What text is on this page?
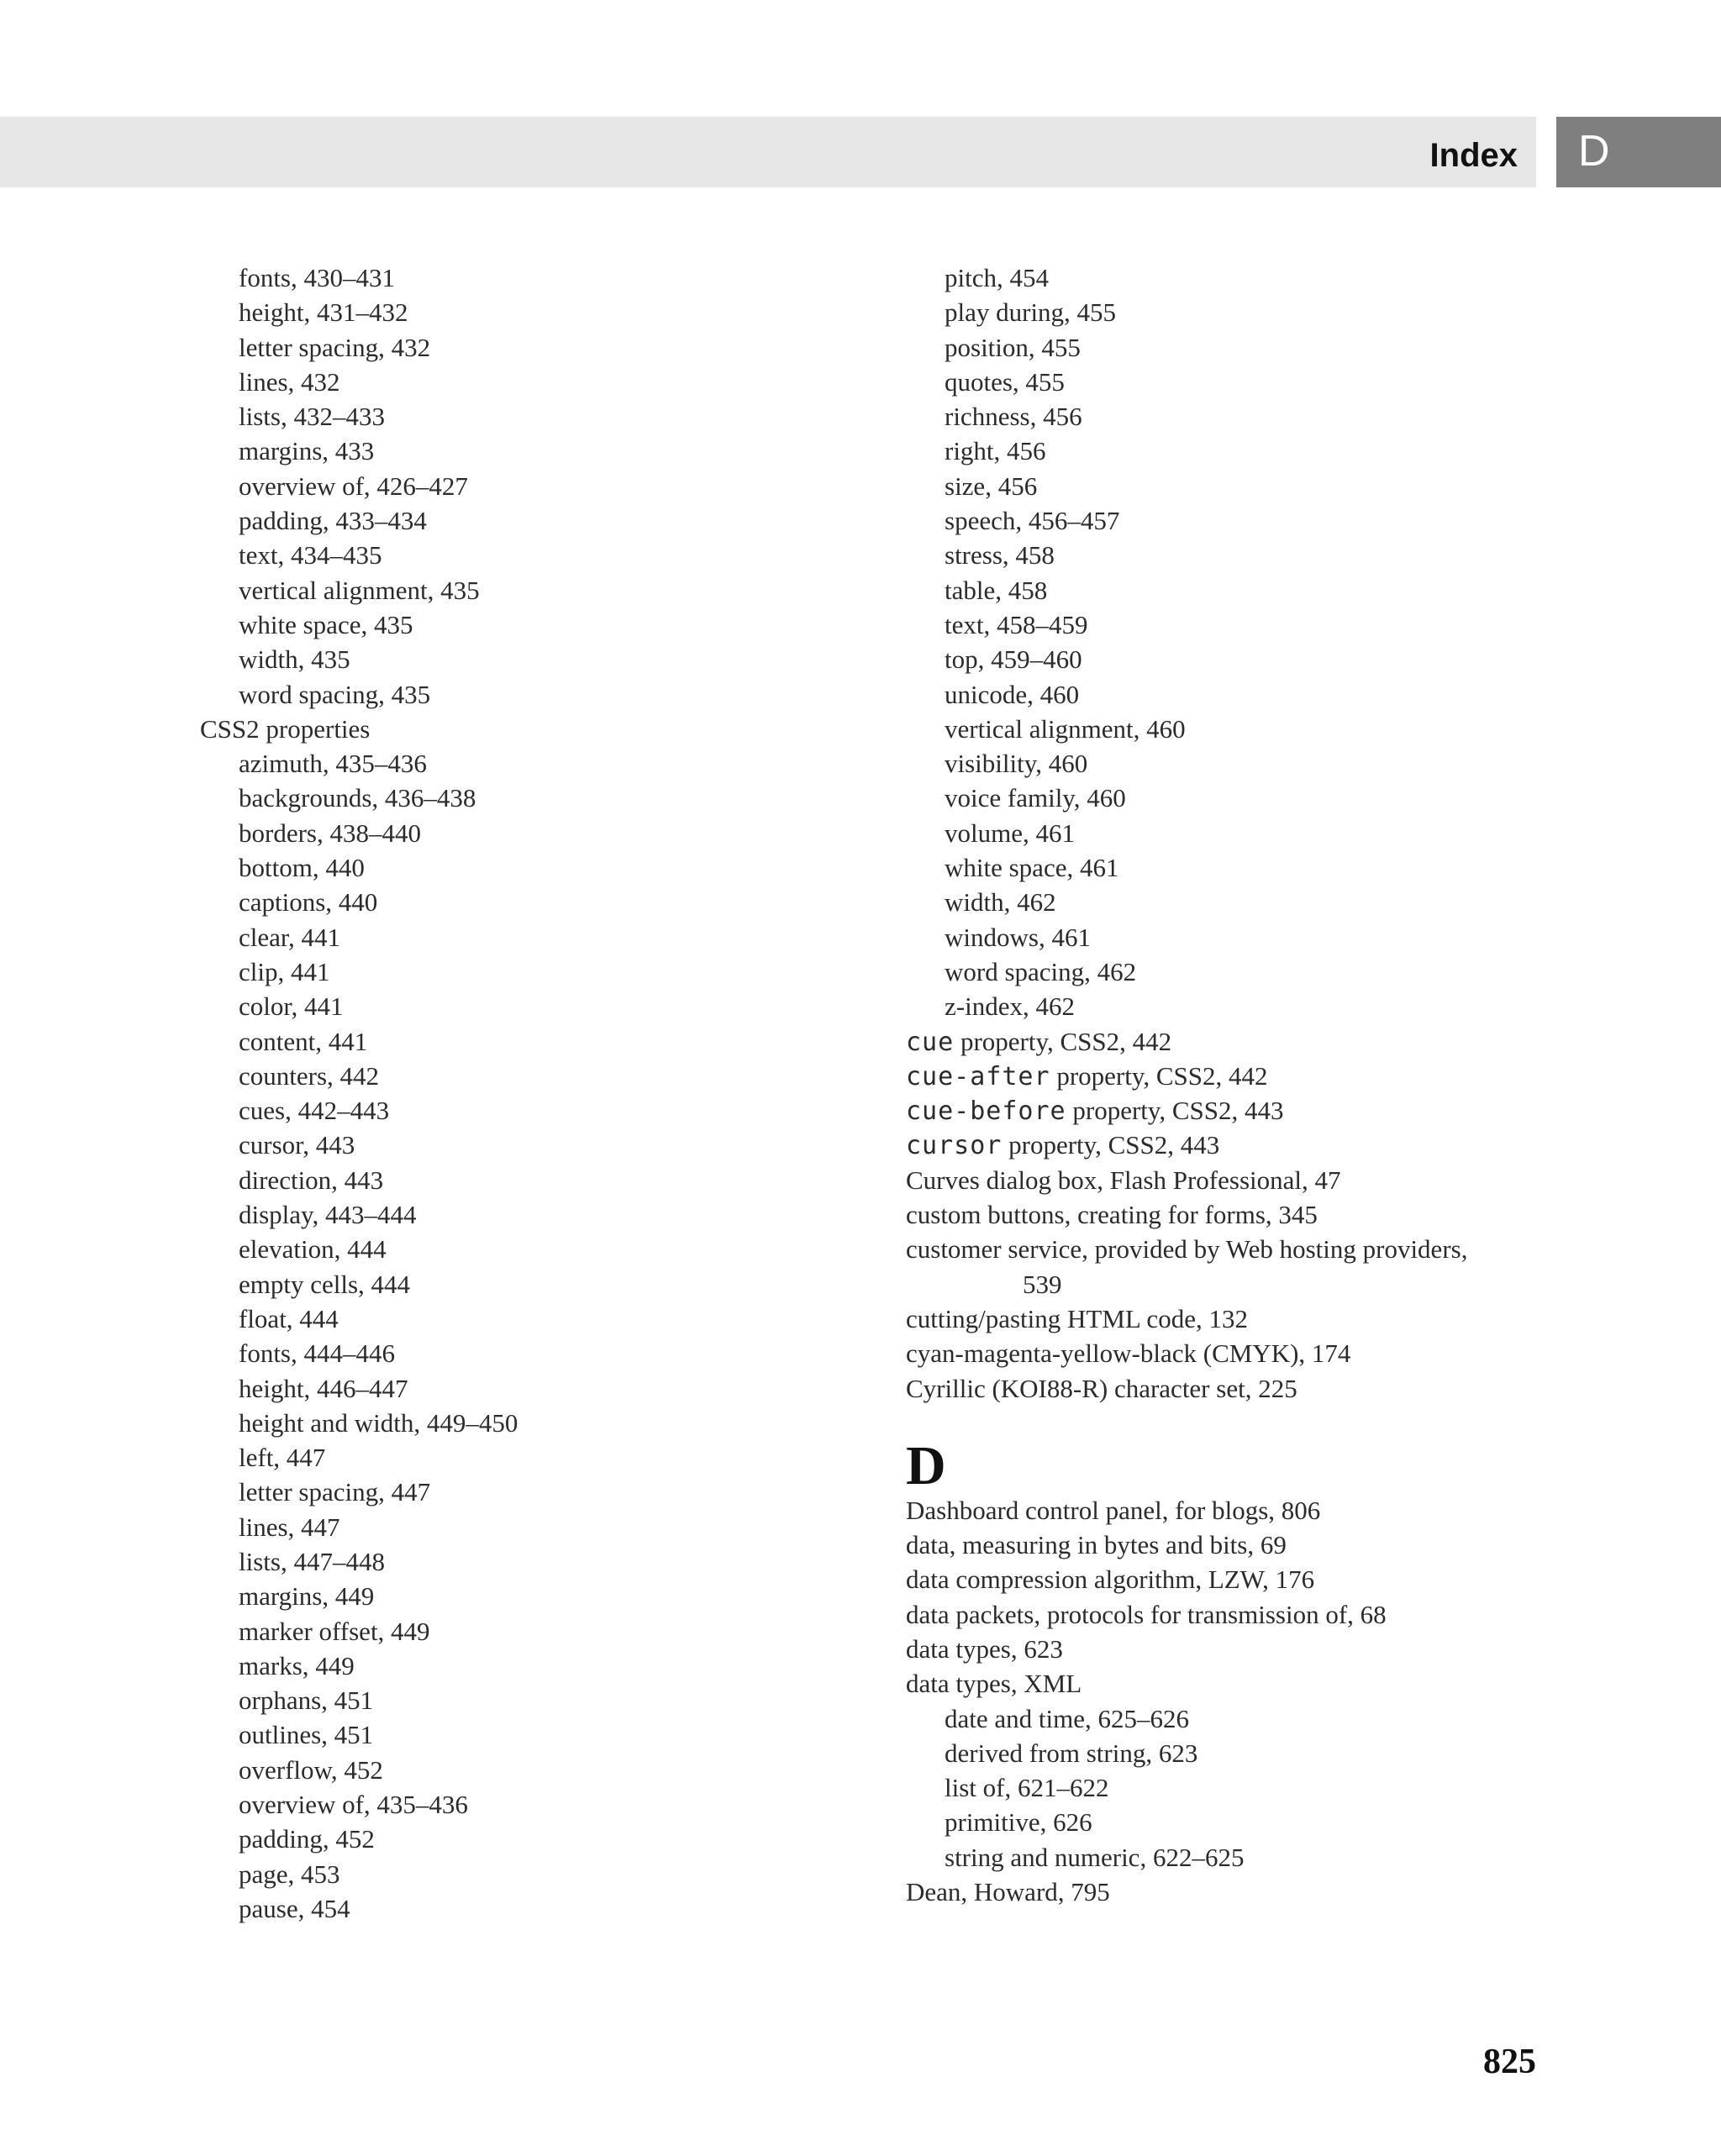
Index D
fonts, 430–431
height, 431–432
letter spacing, 432
lines, 432
lists, 432–433
margins, 433
overview of, 426–427
padding, 433–434
text, 434–435
vertical alignment, 435
white space, 435
width, 435
word spacing, 435
CSS2 properties
azimuth, 435–436
backgrounds, 436–438
borders, 438–440
bottom, 440
captions, 440
clear, 441
clip, 441
color, 441
content, 441
counters, 442
cues, 442–443
cursor, 443
direction, 443
display, 443–444
elevation, 444
empty cells, 444
float, 444
fonts, 444–446
height, 446–447
height and width, 449–450
left, 447
letter spacing, 447
lines, 447
lists, 447–448
margins, 449
marker offset, 449
marks, 449
orphans, 451
outlines, 451
overflow, 452
overview of, 435–436
padding, 452
page, 453
pause, 454
pitch, 454
play during, 455
position, 455
quotes, 455
richness, 456
right, 456
size, 456
speech, 456–457
stress, 458
table, 458
text, 458–459
top, 459–460
unicode, 460
vertical alignment, 460
visibility, 460
voice family, 460
volume, 461
white space, 461
width, 462
windows, 461
word spacing, 462
z-index, 462
cue property, CSS2, 442
cue-after property, CSS2, 442
cue-before property, CSS2, 443
cursor property, CSS2, 443
Curves dialog box, Flash Professional, 47
custom buttons, creating for forms, 345
customer service, provided by Web hosting providers,
539
cutting/pasting HTML code, 132
cyan-magenta-yellow-black (CMYK), 174
Cyrillic (KOI88-R) character set, 225
D
Dashboard control panel, for blogs, 806
data, measuring in bytes and bits, 69
data compression algorithm, LZW, 176
data packets, protocols for transmission of, 68
data types, 623
data types, XML
date and time, 625–626
derived from string, 623
list of, 621–622
primitive, 626
string and numeric, 622–625
Dean, Howard, 795
825
